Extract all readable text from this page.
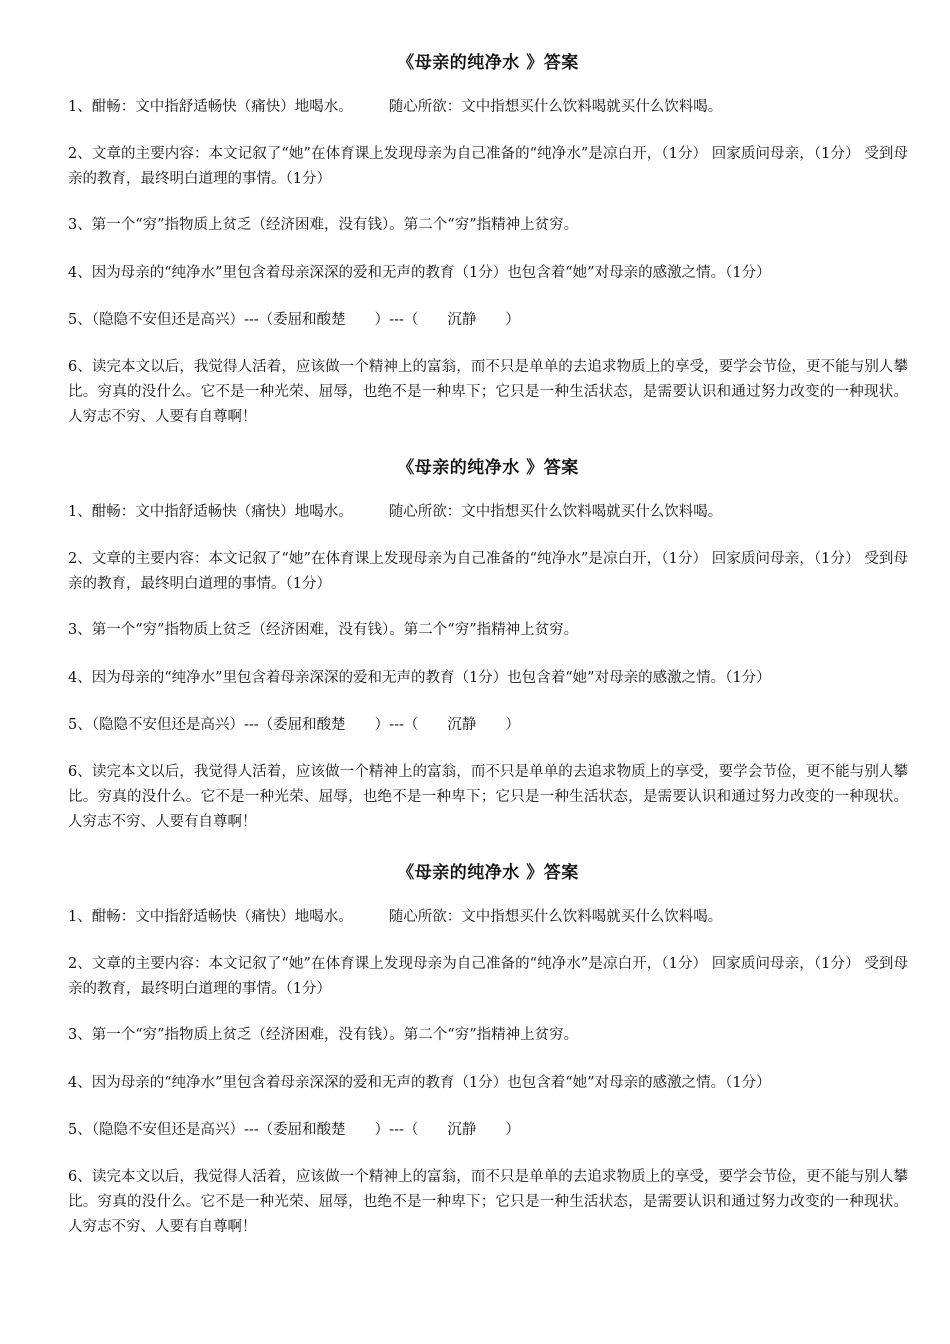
《母亲的纯净水 》答案
1、酣畅：文中指舒适畅快（痛快）地喝水。 随心所欲：文中指想买什么饮料喝就买什么饮料喝。
2、文章的主要内容：本文记叙了“她”在体育课上发现母亲为自己准备的“纯净水”是凉白开，（1分） 回家质问母亲，（1分） 受到母亲的教育，最终明白道理的事情。（1分）
3、第一个“穷”指物质上贫乏（经济困难，没有钱）。第二个“穷”指精神上贫穷。
4、因为母亲的“纯净水”里包含着母亲深深的爱和无声的教育（1分）也包含着“她”对母亲的感激之情。（1分）
5、（隐隐不安但还是高兴）---（委屈和酸楚　　）---（　　沉静　　）
6、读完本文以后，我觉得人活着，应该做一个精神上的富翁，而不只是单单的去追求物质上的享受，要学会节俭，更不能与别人攀比。穷真的没什么。它不是一种光荣、屈辱，也绝不是一种卑下；它只是一种生活状态，是需要认识和通过努力改变的一种现状。人穷志不穷、人要有自尊啊！
《母亲的纯净水 》答案
1、酣畅：文中指舒适畅快（痛快）地喝水。 随心所欲：文中指想买什么饮料喝就买什么饮料喝。
2、文章的主要内容：本文记叙了“她”在体育课上发现母亲为自己准备的“纯净水”是凉白开，（1分） 回家质问母亲，（1分） 受到母亲的教育，最终明白道理的事情。（1分）
3、第一个“穷”指物质上贫乏（经济困难，没有钱）。第二个“穷”指精神上贫穷。
4、因为母亲的“纯净水”里包含着母亲深深的爱和无声的教育（1分）也包含着“她”对母亲的感激之情。（1分）
5、（隐隐不安但还是高兴）---（委屈和酸楚　　）---（　　沉静　　）
6、读完本文以后，我觉得人活着，应该做一个精神上的富翁，而不只是单单的去追求物质上的享受，要学会节俭，更不能与别人攀比。穷真的没什么。它不是一种光荣、屈辱，也绝不是一种卑下；它只是一种生活状态，是需要认识和通过努力改变的一种现状。人穷志不穷、人要有自尊啊！
《母亲的纯净水 》答案
1、酣畅：文中指舒适畅快（痛快）地喝水。 随心所欲：文中指想买什么饮料喝就买什么饮料喝。
2、文章的主要内容：本文记叙了“她”在体育课上发现母亲为自己准备的“纯净水”是凉白开，（1分） 回家质问母亲，（1分） 受到母亲的教育，最终明白道理的事情。（1分）
3、第一个“穷”指物质上贫乏（经济困难，没有钱）。第二个“穷”指精神上贫穷。
4、因为母亲的“纯净水”里包含着母亲深深的爱和无声的教育（1分）也包含着“她”对母亲的感激之情。（1分）
5、（隐隐不安但还是高兴）---（委屈和酸楚　　）---（　　沉静　　）
6、读完本文以后，我觉得人活着，应该做一个精神上的富翁，而不只是单单的去追求物质上的享受，要学会节俭，更不能与别人攀比。穷真的没什么。它不是一种光荣、屈辱，也绝不是一种卑下；它只是一种生活状态，是需要认识和通过努力改变的一种现状。人穷志不穷、人要有自尊啊！
